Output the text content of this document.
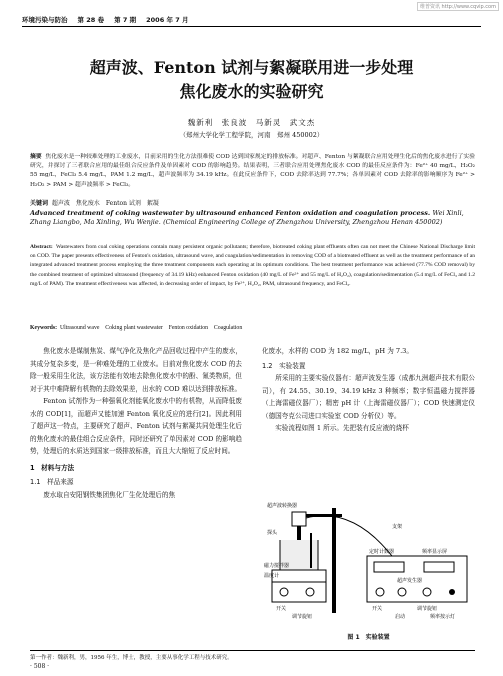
维普资讯 http://www.cqvip.com
环境污染与防治 第 28 卷 第 7 期 2006 年 7 月
超声波、Fenton 试剂与絮凝联用进一步处理
焦化废水的实验研究
魏新利　张良波　马新灵　武文杰
（郑州大学化学工程学院，河南　郑州 450002）
摘要 焦化废水是一种较难处理的工业废水，目前采用的生化方法很难使 COD 达到国家规定的排放标准。对超声、Fenton 与絮凝联合应用处理生化后的焦化废水进行了实验研究，并探讨了三者联合应用的最佳组合反应条件及单因素对 COD 的影响趋势。结果表明，三者联合应用处理焦化废水 COD 的最佳反应条件为：Fe²⁺ 40 mg/L，H₂O₂ 55 mg/L，FeCl₃ 5.4 mg/L，PAM 1.2 mg/L，超声波频率为 34.19 kHz。在此反应条件下，COD 去除率达到 77.7%；各单因素对 COD 去除率的影响顺序为 Fe²⁺ > H₂O₂ > PAM > 超声波频率 > FeCl₃。
关键词 超声波　焦化废水　Fenton 试剂　絮凝
Advanced treatment of coking wastewater by ultrasound enhanced Fenton oxidation and coagulation process. Wei Xinli, Zhang Liangbo, Ma Xinling, Wu Wenjie. (Chemical Engineering College of Zhengzhou University, Zhengzhou Henan 450002)
Abstract: Wastewaters from coal coking operations contain many persistent organic pollutants; therefore, biotreated coking plant effluents often can not meet the Chinese National Discharge limit on COD. The paper presents effectiveness of Fenton's oxidation, ultrasound wave, and coagulation/sedimentation in removing COD of a biotreated effluent as well as the treatment performance of an integrated advanced treatment process employing the three treatment components each operating at its optimum conditions. The best treatment performance was achieved (77.7% COD removal) by the combined treatment of optimized ultrasound (frequency of 34.19 kHz) enhanced Fenton oxidation (40 mg/L of Fe²⁺ and 55 mg/L of H₂O₂), coagulation/sedimentation (5.4 mg/L of FeCl₃ and 1.2 mg/L of PAM). The treatment effectiveness was affected, in decreasing order of impact, by Fe²⁺, H₂O₂, PAM, ultrasound frequency, and FeCl₃.
Keywords: Ultrasound wave　Coking plant wastewater　Fenton oxidation　Coagulation

焦化废水是煤制焦炭、煤气净化及焦化产品回收过程中产生的废水，其成分复杂多变，是一种难处理的工业废水。目前对焦化废水 COD 的去除一般采用生化法，该方法能有效地去除焦化废水中的酚、氰类物质，但对于其中难降解有机物的去除效果差，出水的 COD 难以达到排放标准。

Fenton 试剂作为一种强氧化剂能氧化废水中的有机物，从而降低废水的 COD[1]，而超声又能加速 Fenton 氧化反应的进行[2]。因此利用了超声这一特点，主要研究了超声、Fenton 试剂与絮凝共同处理生化后的焦化废水的最佳组合反应条件，同时还研究了单因素对 COD 的影响趋势，处理后的水质达到国家一级排放标准，而且大大缩短了反应时间。

1　材料与方法
1.1　样品来源

废水取自安阳钢铁集团焦化厂生化处理后的焦

化废水，水样的 COD 为 182 mg/L，pH 为 7.3。
1.2　实验装置

所采用的主要实验仪器有：超声波发生器（成都九洲超声技术有限公司），有 24.55、30.19、34.19 kHz 3 种频率；数字恒温磁力搅拌器（上海雷磁仪器厂）；精密 pH 计（上海雷磁仪器厂）；COD 快速测定仪（德国夸克公司进口实验室 COD 分析仪）等。

实验流程如图 1 所示。先把装有反应液的烧杯

超声波转换器
探头
支架
磁力搅拌器
定时计数器	频率显示屏
温度计
超声发生器
开关	开关
调节旋钮	启动
调节旋钮
频率按示灯
图 1　实验装置
第一作者：魏新利，男，1956 年生，博士，教授，主要从事化学工程与技术研究。
· 508 ·
